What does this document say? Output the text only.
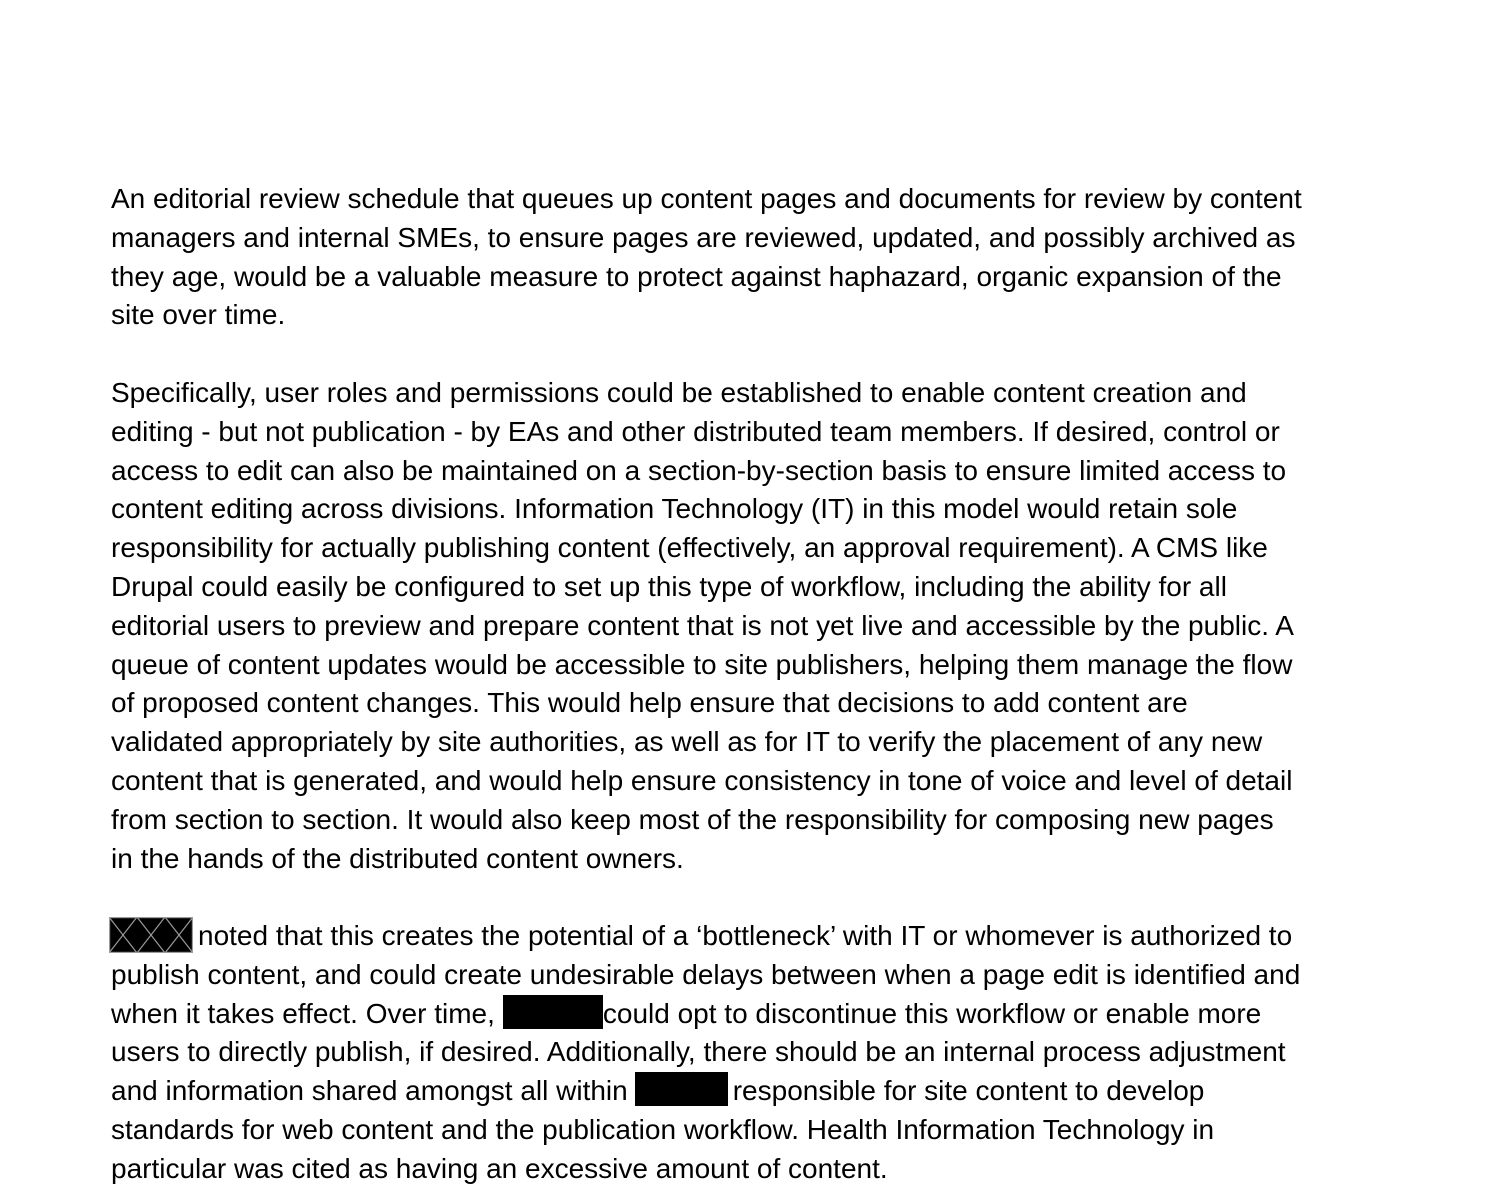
An editorial review schedule that queues up content pages and documents for review by content
managers and internal SMEs, to ensure pages are reviewed, updated, and possibly archived as
they age, would be a valuable measure to protect against haphazard, organic expansion of the
site over time.

Specifically, user roles and permissions could be established to enable content creation and
editing - but not publication - by EAs and other distributed team members. If desired, control or
access to edit can also be maintained on a section-by-section basis to ensure limited access to
content editing across divisions. Information Technology (IT) in this model would retain sole
responsibility for actually publishing content (effectively, an approval requirement). A CMS like
Drupal could easily be configured to set up this type of workflow, including the ability for all
editorial users to preview and prepare content that is not yet live and accessible by the public. A
queue of content updates would be accessible to site publishers, helping them manage the flow
of proposed content changes. This would help ensure that decisions to add content are
validated appropriately by site authorities, as well as for IT to verify the placement of any new
content that is generated, and would help ensure consistency in tone of voice and level of detail
from section to section. It would also keep most of the responsibility for composing new pages
in the hands of the distributed content owners.

noted that this creates the potential of a ‘bottleneck’ with IT or whomever is authorized to
publish content, and could create undesirable delays between when a page edit is identified and
when it takes effect. Over time,	could opt to discontinue this workflow or enable more
users to directly publish, if desired. Additionally, there should be an internal process adjustment
and information shared amongst all within	responsible for site content to develop
standards for web content and the publication workflow. Health Information Technology in
particular was cited as having an excessive amount of content.
